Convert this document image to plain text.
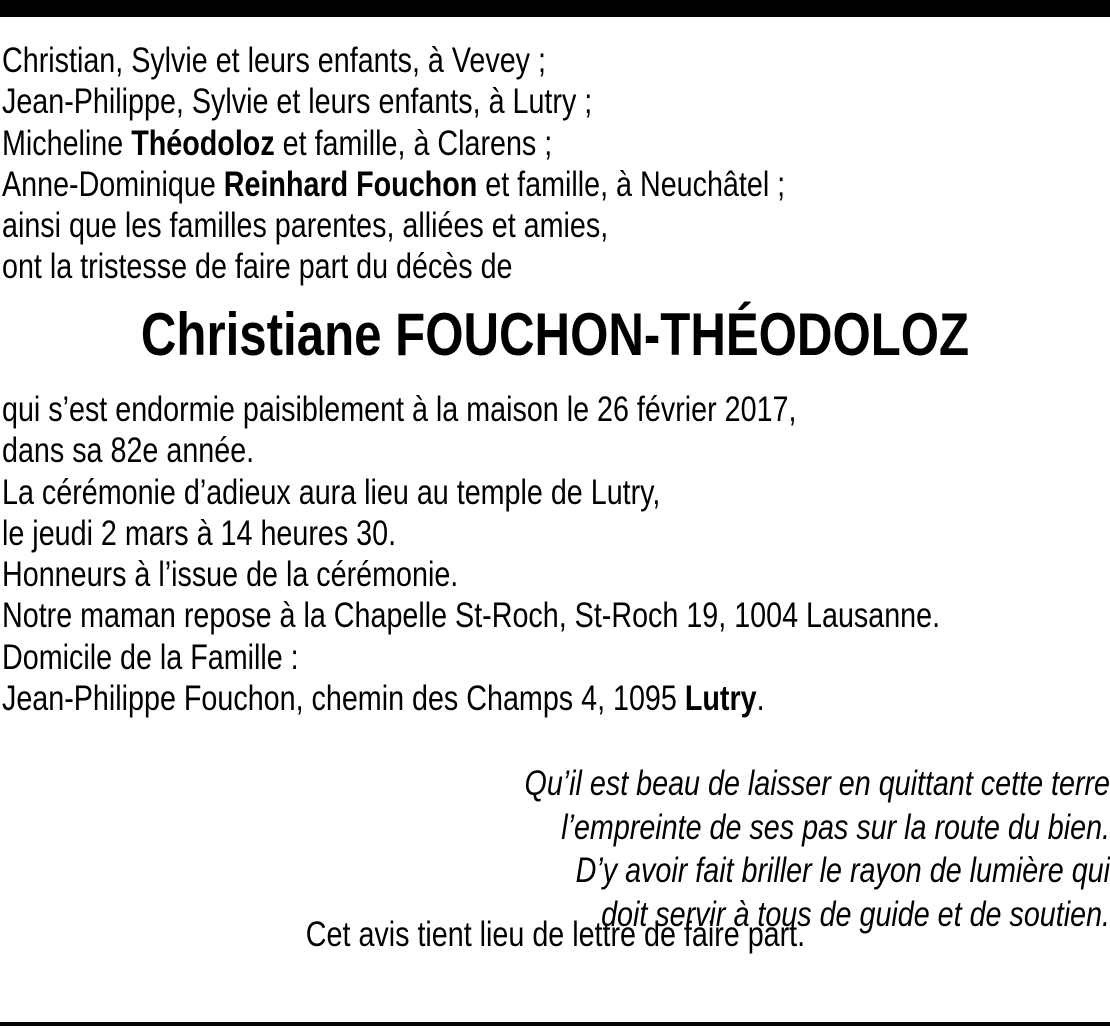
Christian, Sylvie et leurs enfants, à Vevey ;
Jean-Philippe, Sylvie et leurs enfants, à Lutry ;
Micheline Théodoloz et famille, à Clarens ;
Anne-Dominique Reinhard Fouchon et famille, à Neuchâtel ;
ainsi que les familles parentes, alliées et amies,
ont la tristesse de faire part du décès de
Christiane FOUCHON-THÉODOLOZ
qui s’est endormie paisiblement à la maison le 26 février 2017,
dans sa 82e année.
La cérémonie d’adieux aura lieu au temple de Lutry,
le jeudi 2 mars à 14 heures 30.
Honneurs à l’issue de la cérémonie.
Notre maman repose à la Chapelle St-Roch, St-Roch 19, 1004 Lausanne.
Domicile de la Famille :
Jean-Philippe Fouchon, chemin des Champs 4, 1095 Lutry.
Qu’il est beau de laisser en quittant cette terre
l’empreinte de ses pas sur la route du bien.
D’y avoir fait briller le rayon de lumière qui
doit servir à tous de guide et de soutien.
Cet avis tient lieu de lettre de faire part.
